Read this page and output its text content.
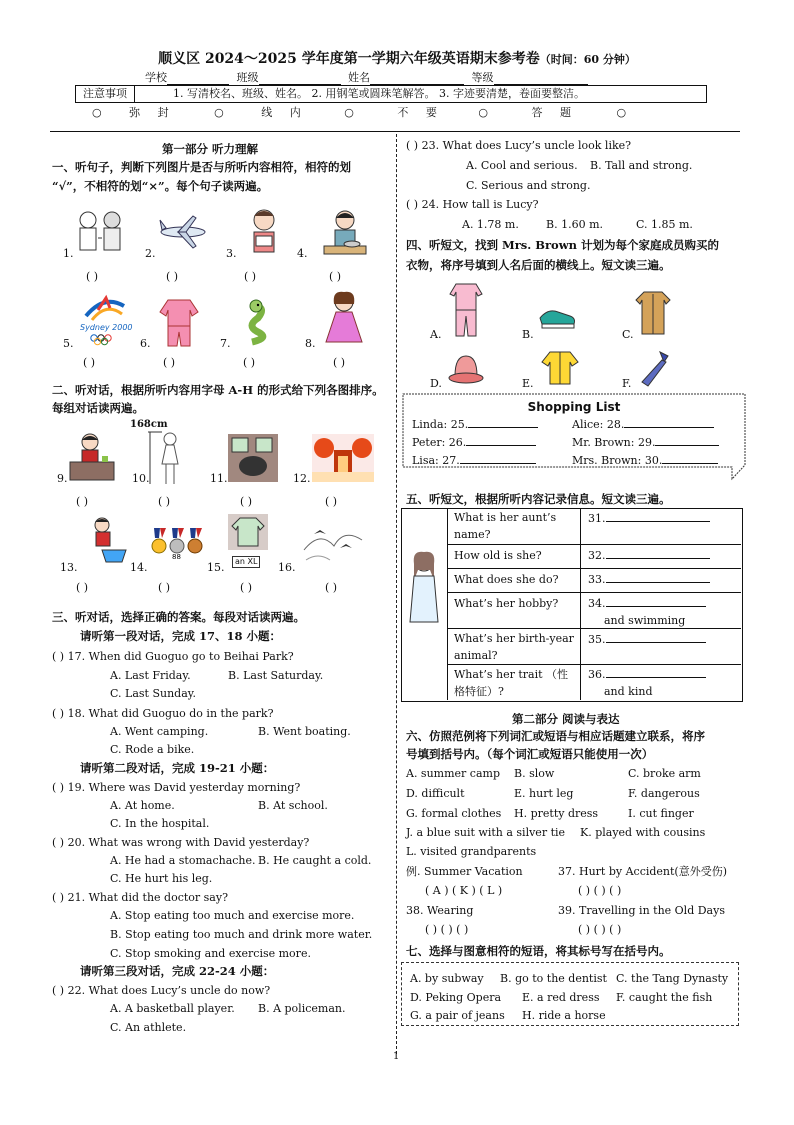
顺义区 2024～2025 学年度第一学期六年级英语期末参考卷（时间：60 分钟）
学校	班级	姓名	等级
注意事项	1. 写清校名、班级、姓名。 2. 用钢笔或圆珠笔解答。 3. 字迹要清楚，卷面要整洁。
○	弥 封	○	线 内	○	不 要	○	答 题	○
第一部分 听力理解
一、听句子，判断下列图片是否与所听内容相符，相符的划
“√”，不相符的划“×”。每个句子读两遍。
1.	2.	3.	4.
( )	( )	( )	( )
Sydney 2000
5.	6.	7.	8.
( )	( )	( )	( )
二、听对话，根据所听内容用字母 A-H 的形式给下列各图排序。
每组对话读两遍。
168cm
9.	10.	11.	12.
( )	( )	( )	( )
88	an XL
13.	14.	15.	16.
( )	( )	( )	( )
三、听对话，选择正确的答案。每段对话读两遍。
请听第一段对话，完成 17、18 小题：
( ) 17. When did Guoguo go to Beihai Park?
A. Last Friday.	B. Last Saturday.
C. Last Sunday.
( ) 18. What did Guoguo do in the park?
A. Went camping.	B. Went boating.
C. Rode a bike.
请听第二段对话，完成 19-21 小题：
( ) 19. Where was David yesterday morning?
A. At home.	B. At school.
C. In the hospital.
( ) 20. What was wrong with David yesterday?
A. He had a stomachache. B. He caught a cold.
C. He hurt his leg.
( ) 21. What did the doctor say?
A. Stop eating too much and exercise more.
B. Stop eating too much and drink more water.
C. Stop smoking and exercise more.
请听第三段对话，完成 22-24 小题：
( ) 22. What does Lucy’s uncle do now?
A. A basketball player. B. A policeman.
C. An athlete.
( ) 23. What does Lucy’s uncle look like?
A. Cool and serious. B. Tall and strong.
C. Serious and strong.
( ) 24. How tall is Lucy?
A. 1.78 m. B. 1.60 m.	C. 1.85 m.
四、听短文，找到 Mrs. Brown 计划为每个家庭成员购买的
衣物，将序号填到人名后面的横线上。短文读三遍。
A.	B.	C.
D.	E.	F.
Shopping List
Linda: 25.	Alice: 28.
Peter: 26.	Mr. Brown: 29.
Lisa: 27.	Mrs. Brown: 30.
五、听短文，根据所听内容记录信息。短文读三遍。
What is her aunt’s name?
31.
How old is she?	32.
What does she do?	33.
What’s her hobby?	34.
and swimming
What’s her birth-year animal?
35.
What’s her trait （性格特征）?
36.
and kind
第二部分 阅读与表达
六、仿照范例将下列词汇或短语与相应话题建立联系，将序
号填到括号内。（每个词汇或短语只能使用一次）
A. summer camp B. slow	C. broke arm
D. difficult	E. hurt leg	F. dangerous
G. formal clothes H. pretty dress	I. cut finger
J. a blue suit with a silver tie K. played with cousins
L. visited grandparents
例. Summer Vacation
( A ) ( K ) ( L )
37. Hurt by Accident(意外受伤)
( ) ( ) ( )
38. Wearing
( ) ( ) ( )
39. Travelling in the Old Days
( ) ( ) ( )
七、选择与图意相符的短语，将其标号写在括号内。
A. by subway B. go to the dentist C. the Tang Dynasty
D. Peking Opera E. a red dress F. caught the fish
G. a pair of jeans H. ride a horse
1
